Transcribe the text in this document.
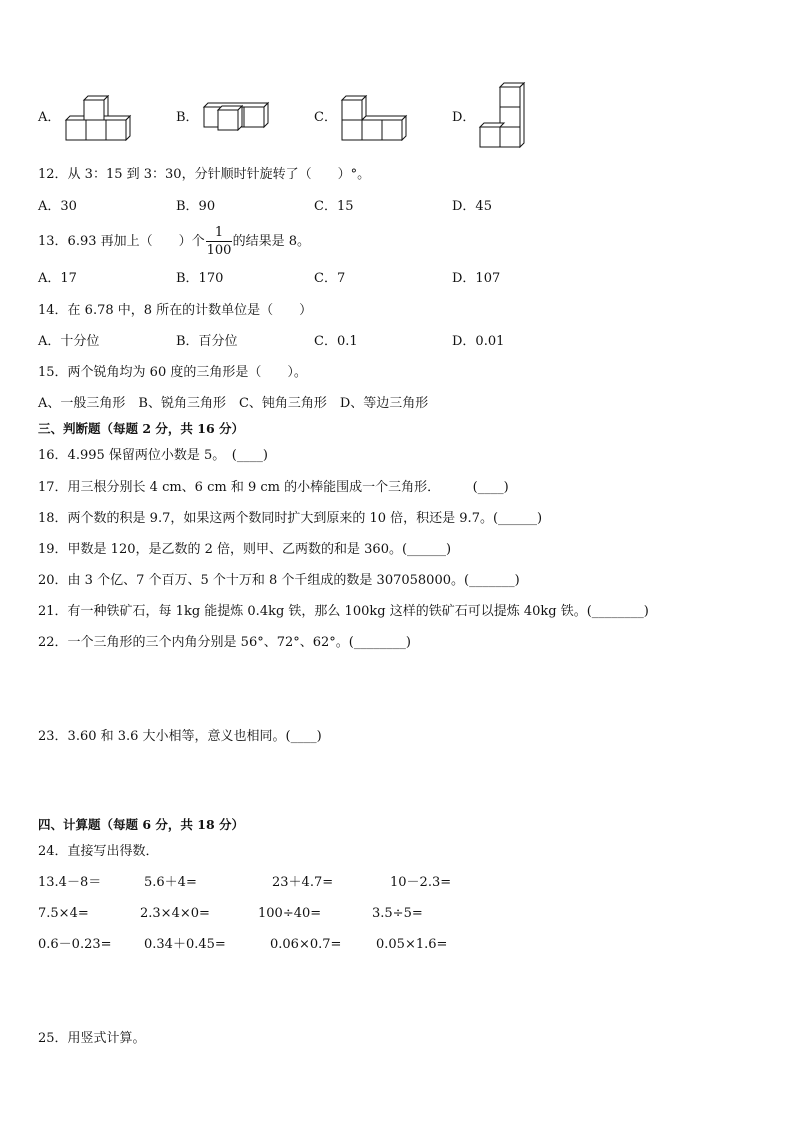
A．	B．	C．	D．
12．从 3：15 到 3：30，分针顺时针旋转了（　　）°。
A．30	B．90	C．15	D．45
13．6.93 再加上（　　）个 的结果是 8。
1
100
A．17	B．170	C．7	D．107
14．在 6.78 中，8 所在的计数单位是（　　）
A．十分位	B．百分位	C．0.1	D．0.01
15．两个锐角均为 60 度的三角形是（　　）。
A、一般三角形　B、锐角三角形　C、钝角三角形　D、等边三角形
三、判断题（每题 2 分，共 16 分）
16．4.995 保留两位小数是 5。　(____)
17．用三根分别长 4 cm、6 cm 和 9 cm 的小棒能围成一个三角形．　　　(____)
18．两个数的积是 9.7，如果这两个数同时扩大到原来的 10 倍，积还是 9.7。(______)
19．甲数是 120，是乙数的 2 倍，则甲、乙两数的和是 360。(______)
20．由 3 个亿、7 个百万、5 个十万和 8 个千组成的数是 307058000。(_______)
21．有一种铁矿石，每 1kg 能提炼 0.4kg 铁，那么 100kg 这样的铁矿石可以提炼 40kg 铁。(________)
22．一个三角形的三个内角分别是 56°、72°、62°。(________)
23．3.60 和 3.6 大小相等，意义也相同。(____)
四、计算题（每题 6 分，共 18 分）
24．直接写出得数．
13.4－8＝	5.6＋4=	23＋4.7=	10－2.3=
7.5×4=	2.3×4×0=	100÷40=	3.5÷5=
0.6－0.23= 0.34＋0.45=	0.06×0.7=	0.05×1.6=
25．用竖式计算。
